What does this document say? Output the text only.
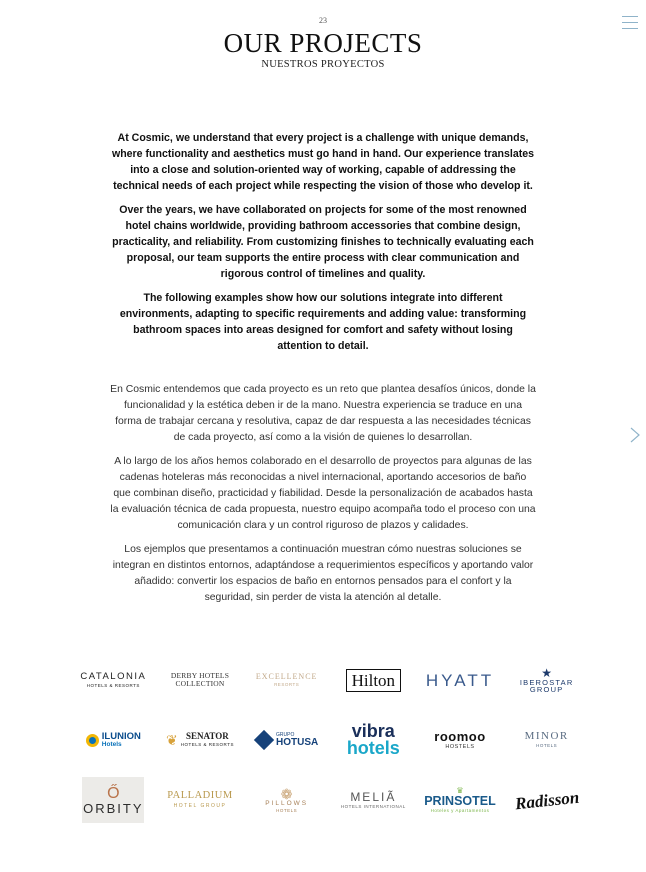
23
OUR PROJECTS
NUESTROS PROYECTOS

At Cosmic, we understand that every project is a challenge with unique demands, where functionality and aesthetics must go hand in hand. Our experience translates into a close and solution-oriented way of working, capable of addressing the technical needs of each project while respecting the vision of those who develop it.

Over the years, we have collaborated on projects for some of the most renowned hotel chains worldwide, providing bathroom accessories that combine design, practicality, and reliability. From customizing finishes to technically evaluating each proposal, our team supports the entire process with clear communication and rigorous control of timelines and quality.

The following examples show how our solutions integrate into different environments, adapting to specific requirements and adding value: transforming bathroom spaces into areas designed for comfort and safety without losing attention to detail.

En Cosmic entendemos que cada proyecto es un reto que plantea desafíos únicos, donde la funcionalidad y la estética deben ir de la mano. Nuestra experiencia se traduce en una forma de trabajar cercana y resolutiva, capaz de dar respuesta a las necesidades técnicas de cada proyecto, así como a la visión de quienes lo desarrollan.

A lo largo de los años hemos colaborado en el desarrollo de proyectos para algunas de las cadenas hoteleras más reconocidas a nivel internacional, aportando accesorios de baño que combinan diseño, practicidad y fiabilidad. Desde la personalización de acabados hasta la evaluación técnica de cada propuesta, nuestro equipo acompaña todo el proceso con una comunicación clara y un control riguroso de plazos y calidades.

Los ejemplos que presentamos a continuación muestran cómo nuestras soluciones se integran en distintos entornos, adaptándose a requerimientos específicos y aportando valor añadido: convertir los espacios de baño en entornos pensados para el confort y la seguridad, sin perder de vista la atención al detalle.

CATALONIA
HOTELS & RESORTS
DERBY HOTELS
COLLECTION
EXCELLENCE
RESORTS	Hilton	HYATT	★
IBEROSTAR
GROUP
ILUNION
Hotels	❦ SENATOR
HOTELS & RESORTS
GRUPO
HOTUSA
vibra
hotels
roomoo
HOSTELS
MINOR
HOTELS
Ő
ORBITY
PALLADIUM
HOTEL GROUP
❁
PILLOWS
HOTELS
MELIÃ
HOTELS INTERNATIONAL
♛
PRINSOTEL
Hoteles y Apartamentos Radisson
